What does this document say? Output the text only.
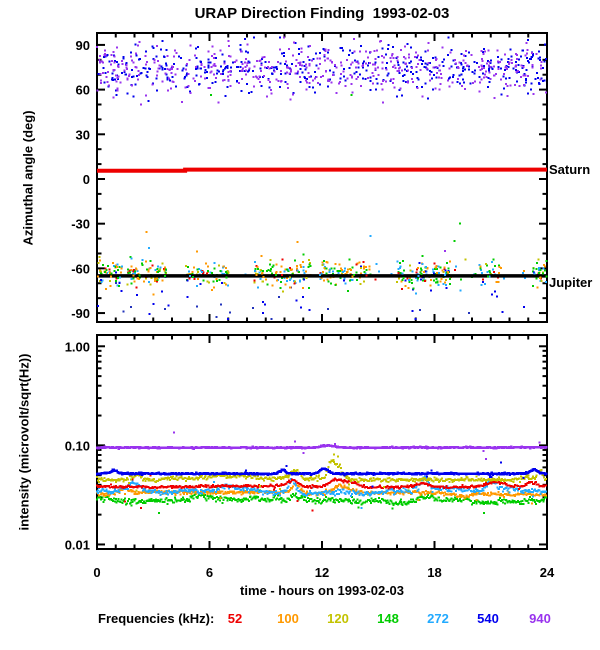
URAP Direction Finding  1993-02-03
Azimuthal angle (deg)
intensity (microvolt/sqrt(Hz))
90
60
30
0
-30
-60
-90
1.00
0.10
0.01
0	6	12	18	24
Saturn
Jupiter
time - hours on 1993-02-03
Frequencies (kHz):	52	100	120	148	272	540	940
